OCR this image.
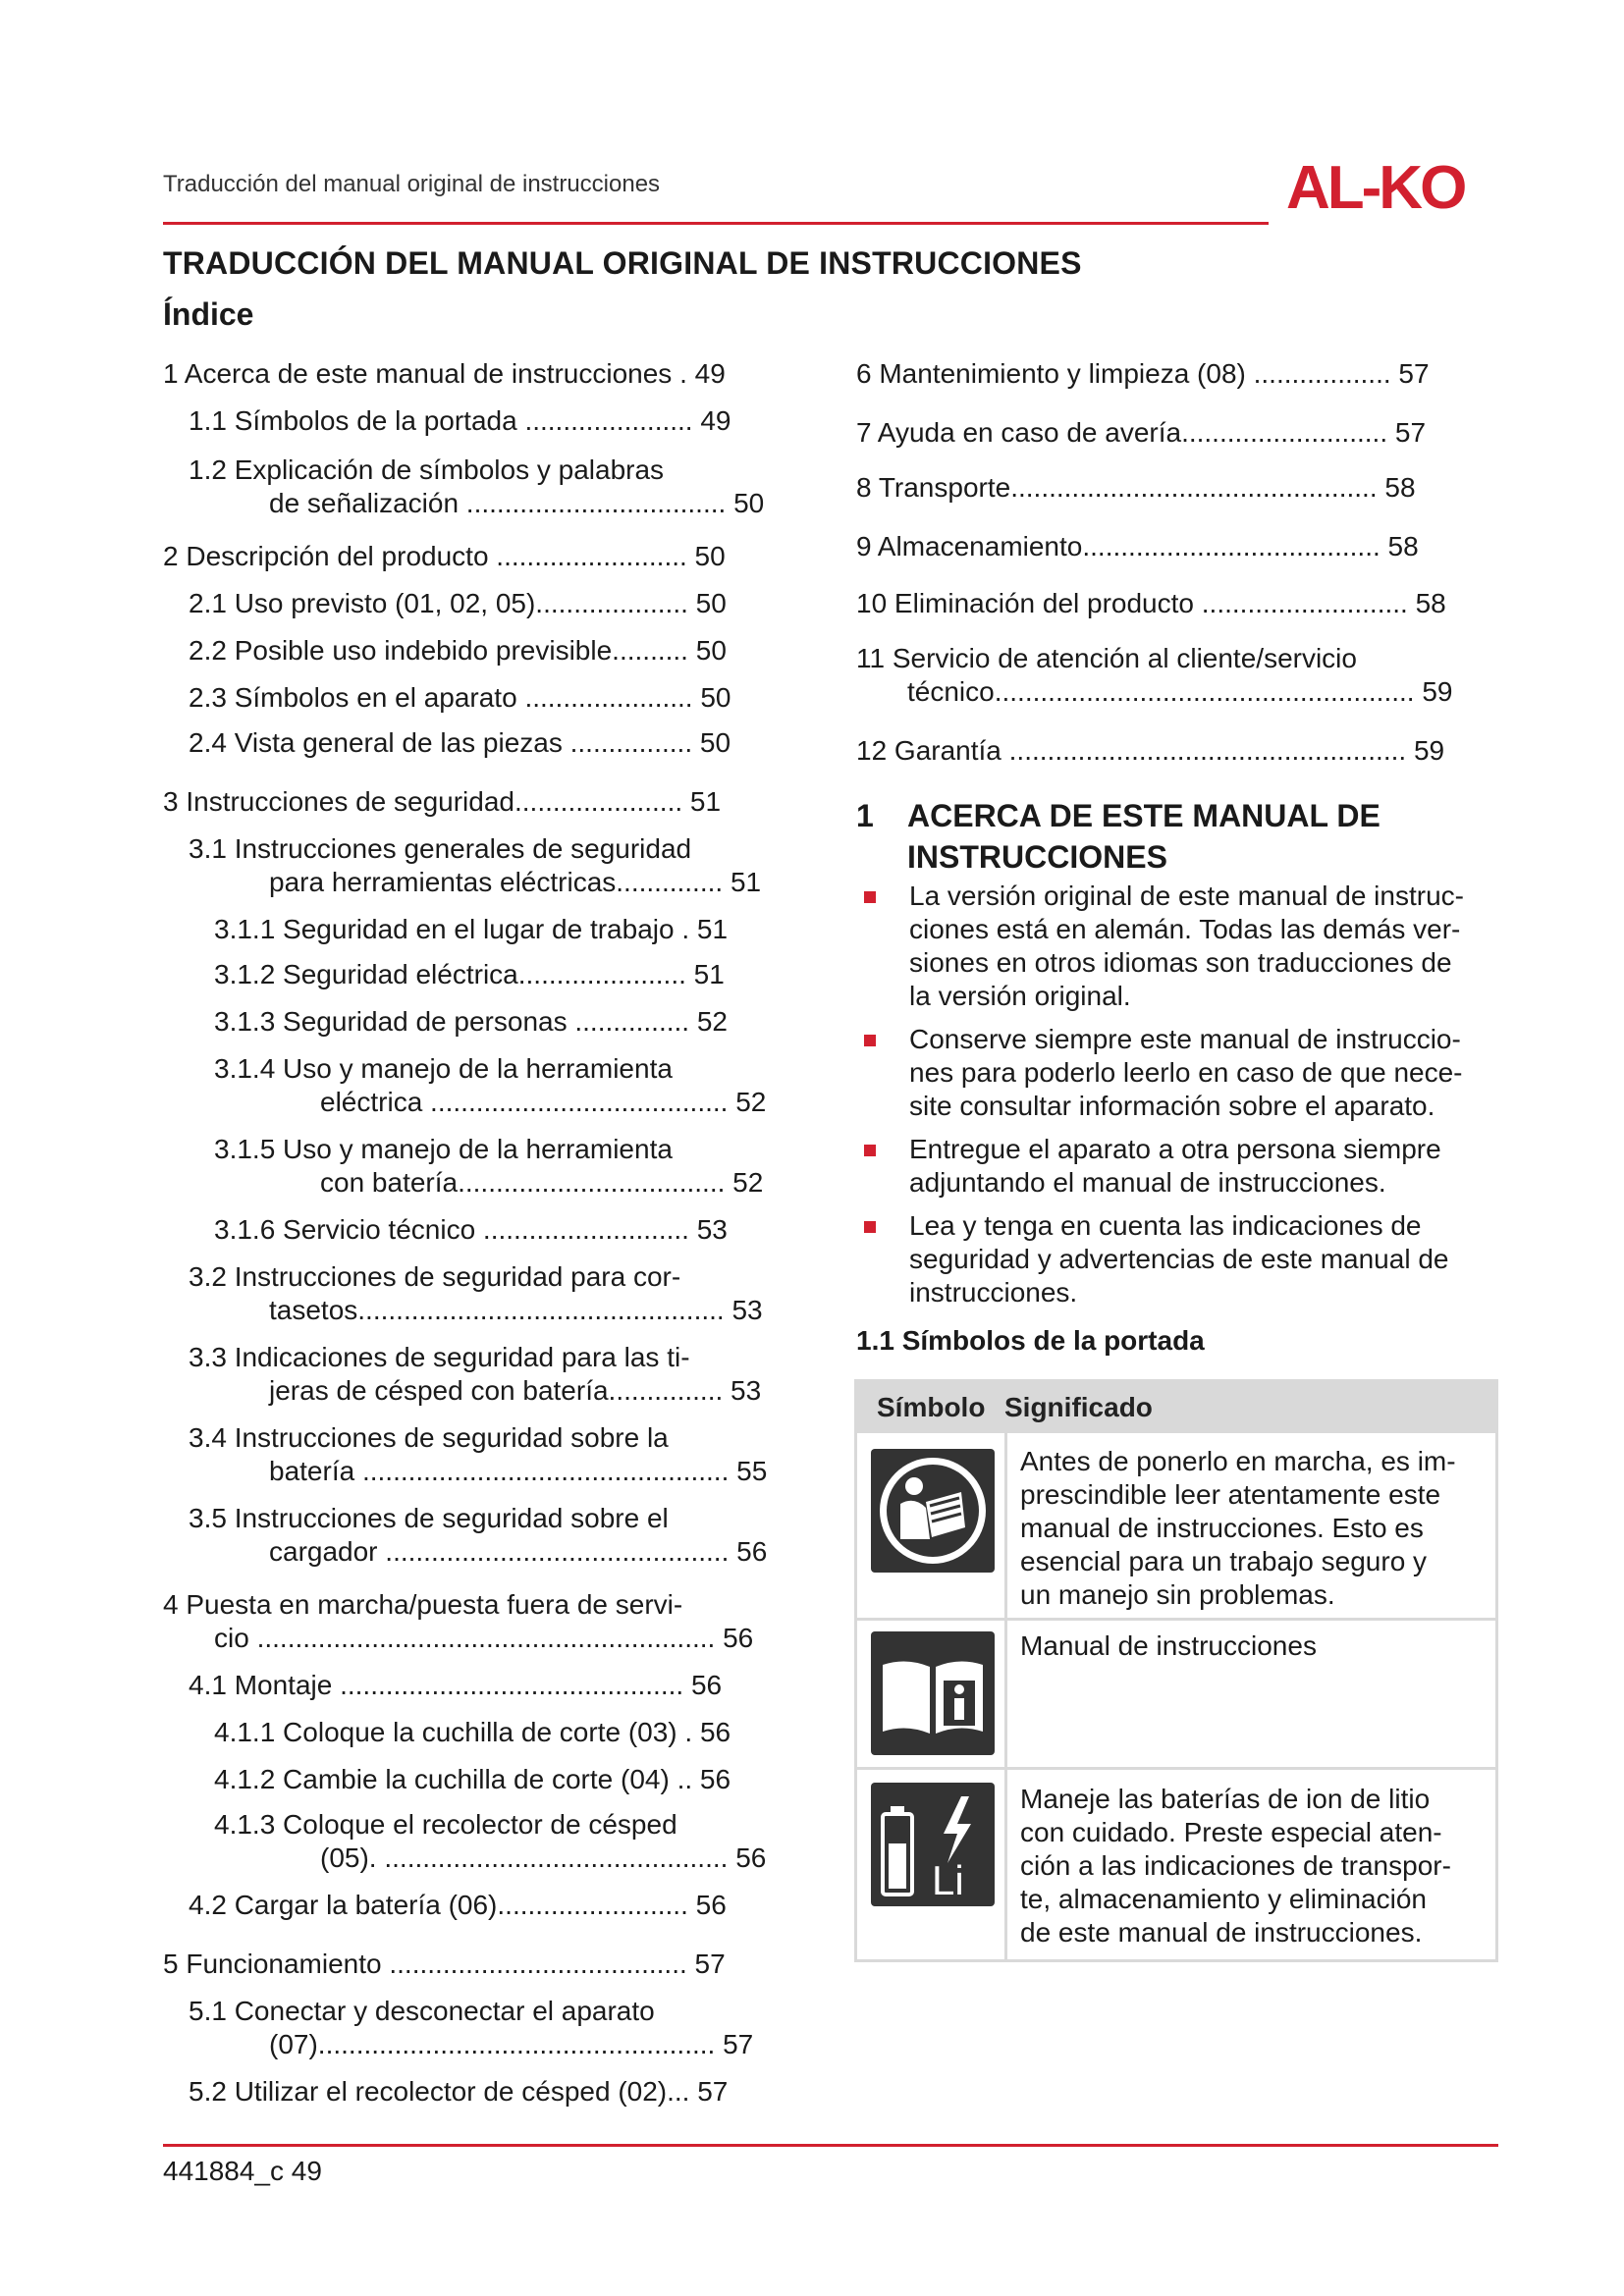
Traducción del manual original de instrucciones	AL-KO
TRADUCCIÓN DEL MANUAL ORIGINAL DE INSTRUCCIONES
Índice
1 Acerca de este manual de instrucciones . 49
1.1 Símbolos de la portada ...................... 49
1.2 Explicación de símbolos y palabras
de señalización .................................. 50
2 Descripción del producto ......................... 50
2.1 Uso previsto (01, 02, 05).................... 50
2.2 Posible uso indebido previsible.......... 50
2.3 Símbolos en el aparato ...................... 50
2.4 Vista general de las piezas ................ 50
3 Instrucciones de seguridad...................... 51
3.1 Instrucciones generales de seguridad
para herramientas eléctricas.............. 51
3.1.1 Seguridad en el lugar de trabajo . 51
3.1.2 Seguridad eléctrica...................... 51
3.1.3 Seguridad de personas ............... 52
3.1.4 Uso y manejo de la herramienta
eléctrica ....................................... 52
3.1.5 Uso y manejo de la herramienta
con batería................................... 52
3.1.6 Servicio técnico ........................... 53
3.2 Instrucciones de seguridad para cor-
tasetos................................................ 53
3.3 Indicaciones de seguridad para las ti-
jeras de césped con batería............... 53
3.4 Instrucciones de seguridad sobre la
batería ................................................ 55
3.5 Instrucciones de seguridad sobre el
cargador ............................................. 56
4 Puesta en marcha/puesta fuera de servi-
cio ............................................................ 56
4.1 Montaje ............................................. 56
4.1.1 Coloque la cuchilla de corte (03) . 56
4.1.2 Cambie la cuchilla de corte (04) .. 56
4.1.3 Coloque el recolector de césped
(05). ............................................. 56
4.2 Cargar la batería (06)......................... 56
5 Funcionamiento ....................................... 57
5.1 Conectar y desconectar el aparato
(07).................................................... 57
5.2 Utilizar el recolector de césped (02)... 57
6 Mantenimiento y limpieza (08) .................. 57
7 Ayuda en caso de avería........................... 57
8 Transporte................................................ 58
9 Almacenamiento....................................... 58
10 Eliminación del producto ........................... 58
11 Servicio de atención al cliente/servicio
técnico....................................................... 59
12 Garantía .................................................... 59
1 ACERCA DE ESTE MANUAL DE
INSTRUCCIONES
La versión original de este manual de instruc-
ciones está en alemán. Todas las demás ver-
siones en otros idiomas son traducciones de
la versión original.
Conserve siempre este manual de instruccio-
nes para poderlo leerlo en caso de que nece-
site consultar información sobre el aparato.
Entregue el aparato a otra persona siempre
adjuntando el manual de instrucciones.
Lea y tenga en cuenta las indicaciones de
seguridad y advertencias de este manual de
instrucciones.
1.1 Símbolos de la portada
Símbolo Significado
Antes de ponerlo en marcha, es im-
prescindible leer atentamente este
manual de instrucciones. Esto es
esencial para un trabajo seguro y
un manejo sin problemas.
Manual de instrucciones
Li
Maneje las baterías de ion de litio
con cuidado. Preste especial aten-
ción a las indicaciones de transpor-
te, almacenamiento y eliminación
de este manual de instrucciones.
441884_c 49
